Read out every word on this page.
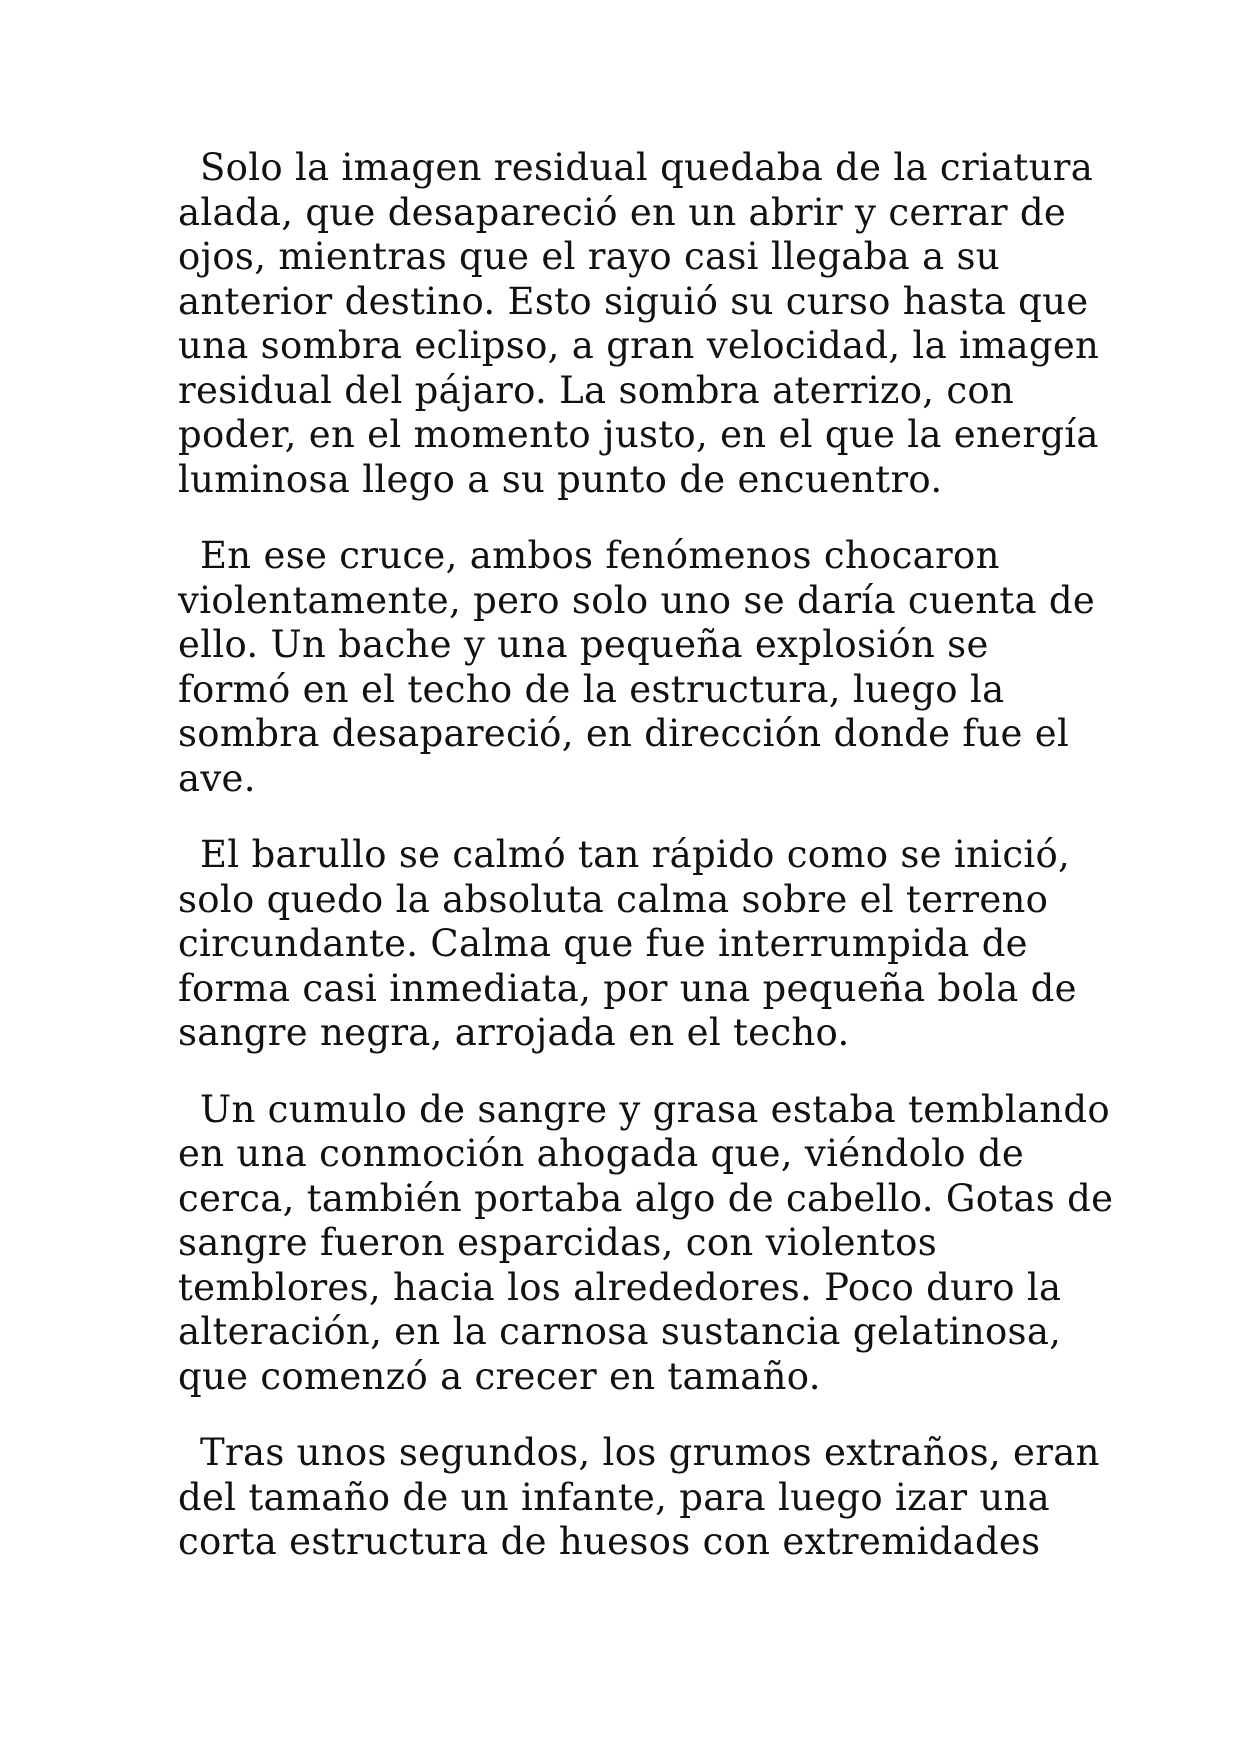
Solo la imagen residual quedaba de la criatura
alada, que desapareció en un abrir y cerrar de
ojos, mientras que el rayo casi llegaba a su
anterior destino. Esto siguió su curso hasta que
una sombra eclipso, a gran velocidad, la imagen
residual del pájaro. La sombra aterrizo, con
poder, en el momento justo, en el que la energía
luminosa llego a su punto de encuentro.
En ese cruce, ambos fenómenos chocaron
violentamente, pero solo uno se daría cuenta de
ello. Un bache y una pequeña explosión se
formó en el techo de la estructura, luego la
sombra desapareció, en dirección donde fue el
ave.
El barullo se calmó tan rápido como se inició,
solo quedo la absoluta calma sobre el terreno
circundante. Calma que fue interrumpida de
forma casi inmediata, por una pequeña bola de
sangre negra, arrojada en el techo.
Un cumulo de sangre y grasa estaba temblando
en una conmoción ahogada que, viéndolo de
cerca, también portaba algo de cabello. Gotas de
sangre fueron esparcidas, con violentos
temblores, hacia los alrededores. Poco duro la
alteración, en la carnosa sustancia gelatinosa,
que comenzó a crecer en tamaño.
Tras unos segundos, los grumos extraños, eran
del tamaño de un infante, para luego izar una
corta estructura de huesos con extremidades
